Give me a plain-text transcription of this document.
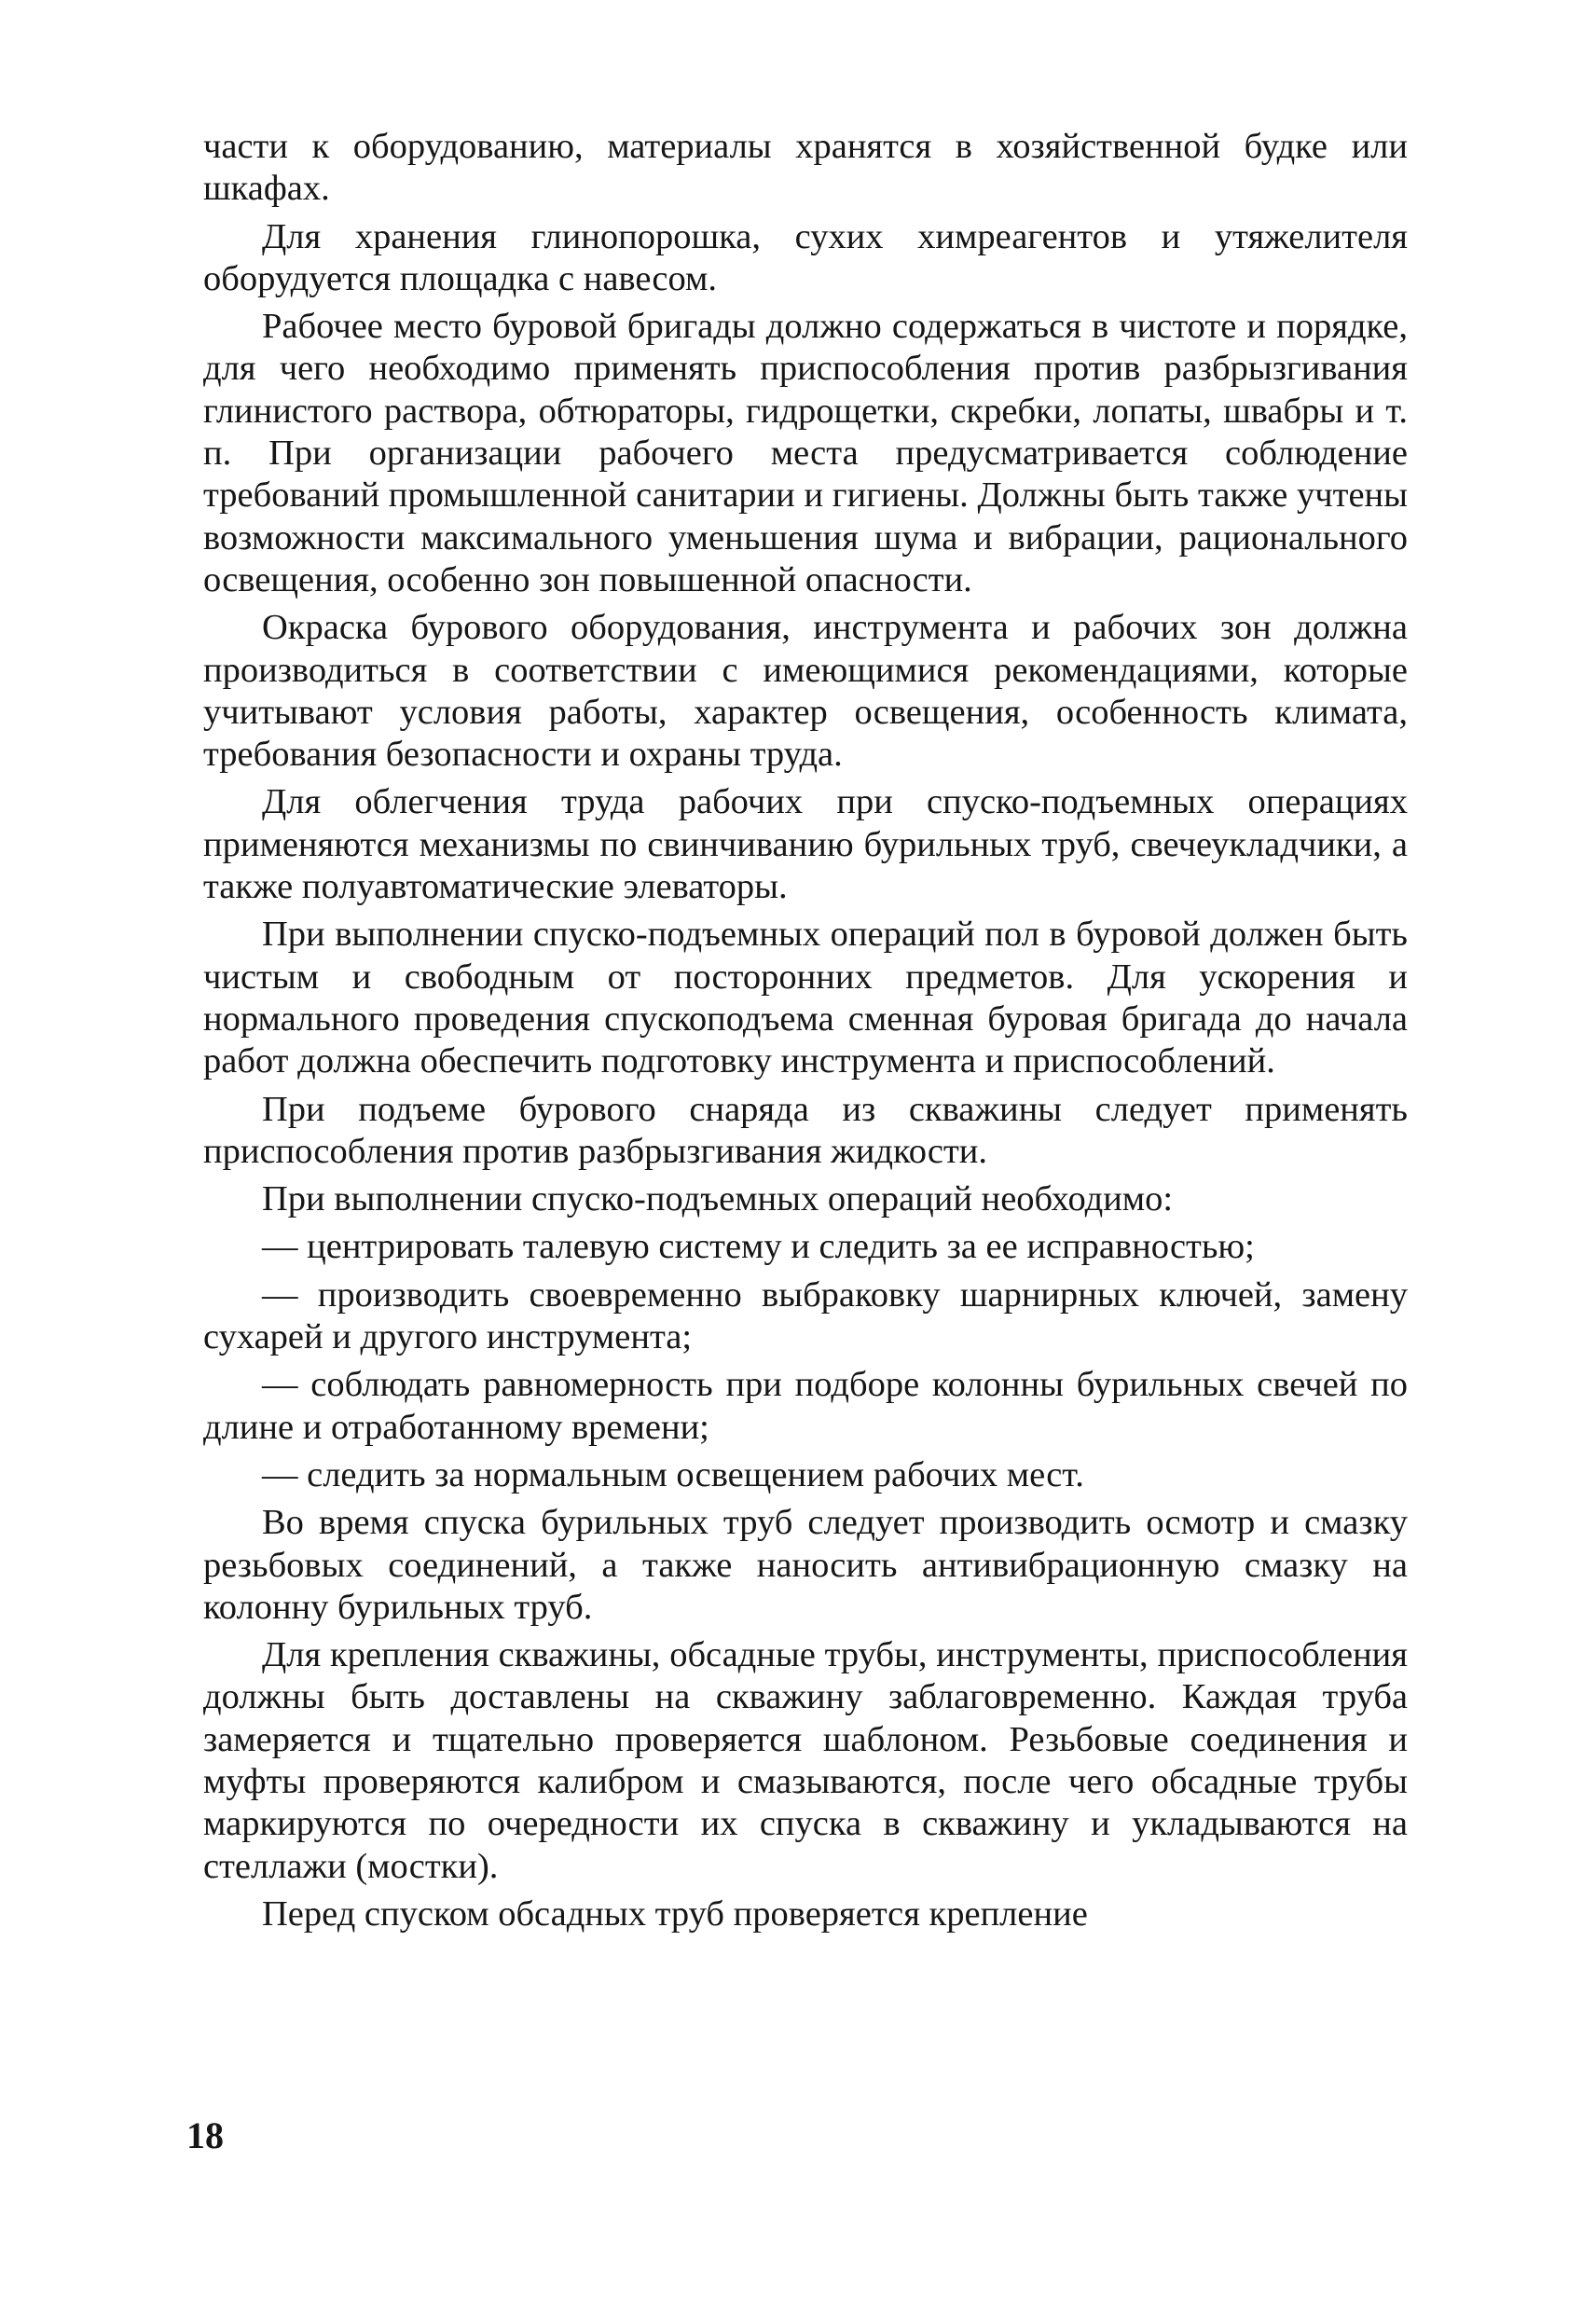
части к оборудованию, материалы хранятся в хозяйственной будке или шкафах.

Для хранения глинопорошка, сухих химреагентов и утяжелителя оборудуется площадка с навесом.

Рабочее место буровой бригады должно содержаться в чистоте и порядке, для чего необходимо применять приспособления против разбрызгивания глинистого раствора, обтюраторы, гидрощетки, скребки, лопаты, швабры и т. п. При организации рабочего места предусматривается соблюдение требований промышленной санитарии и гигиены. Должны быть также учтены возможности максимального уменьшения шума и вибрации, рационального освещения, особенно зон повышенной опасности.

Окраска бурового оборудования, инструмента и рабочих зон должна производиться в соответствии с имеющимися рекомендациями, которые учитывают условия работы, характер освещения, особенность климата, требования безопасности и охраны труда.

Для облегчения труда рабочих при спуско-подъемных операциях применяются механизмы по свинчиванию бурильных труб, свечеукладчики, а также полуавтоматические элеваторы.

При выполнении спуско-подъемных операций пол в буровой должен быть чистым и свободным от посторонних предметов. Для ускорения и нормального проведения спускоподъема сменная буровая бригада до начала работ должна обеспечить подготовку инструмента и приспособлений.

При подъеме бурового снаряда из скважины следует применять приспособления против разбрызгивания жидкости.

При выполнении спуско-подъемных операций необходимо:

— центрировать талевую систему и следить за ее исправностью;
— производить своевременно выбраковку шарнирных ключей, замену сухарей и другого инструмента;
— соблюдать равномерность при подборе колонны бурильных свечей по длине и отработанному времени;
— следить за нормальным освещением рабочих мест.

Во время спуска бурильных труб следует производить осмотр и смазку резьбовых соединений, а также наносить антивибрационную смазку на колонну бурильных труб.

Для крепления скважины, обсадные трубы, инструменты, приспособления должны быть доставлены на скважину заблаговременно. Каждая труба замеряется и тщательно проверяется шаблоном. Резьбовые соединения и муфты проверяются калибром и смазываются, после чего обсадные трубы маркируются по очередности их спуска в скважину и укладываются на стеллажи (мостки).

Перед спуском обсадных труб проверяется крепление

18
